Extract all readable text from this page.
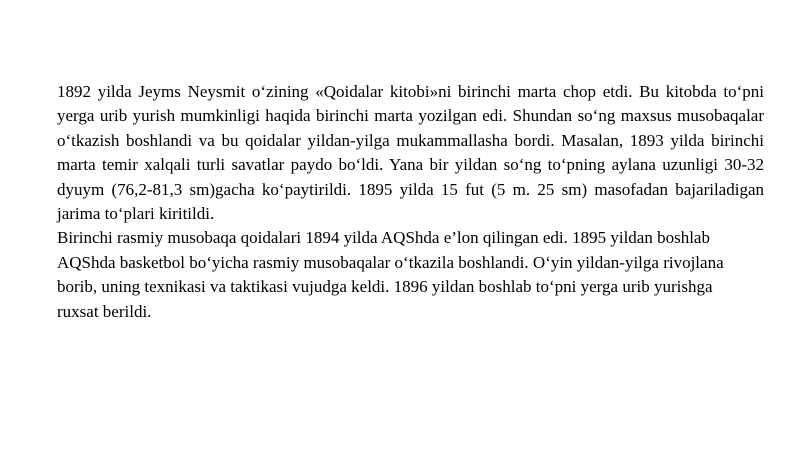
1892 yilda Jeyms Neysmit o‘zining «Qoidalar kitobi»ni birinchi marta chop etdi. Bu kitobda to‘pni yerga urib yurish mumkinligi haqida birinchi marta yozilgan edi. Shundan so‘ng maxsus musobaqalar o‘tkazish boshlandi va bu qoidalar yildan-yilga mukammallasha bordi. Masalan, 1893 yilda birinchi marta temir xalqali turli savatlar paydo bo‘ldi. Yana bir yildan so‘ng to‘pning aylana uzunligi 30-32 dyuym (76,2-81,3 sm)gacha ko‘paytirildi. 1895 yilda 15 fut (5 m. 25 sm) masofadan bajariladigan jarima to‘plari kiritildi.

Birinchi rasmiy musobaqa qoidalari 1894 yilda AQShda e’lon qilingan edi. 1895 yildan boshlab AQShda basketbol bo‘yicha rasmiy musobaqalar o‘tkazila boshlandi. O‘yin yildan-yilga rivojlana borib, uning texnikasi va taktikasi vujudga keldi. 1896 yildan boshlab to‘pni yerga urib yurishga ruxsat berildi.
